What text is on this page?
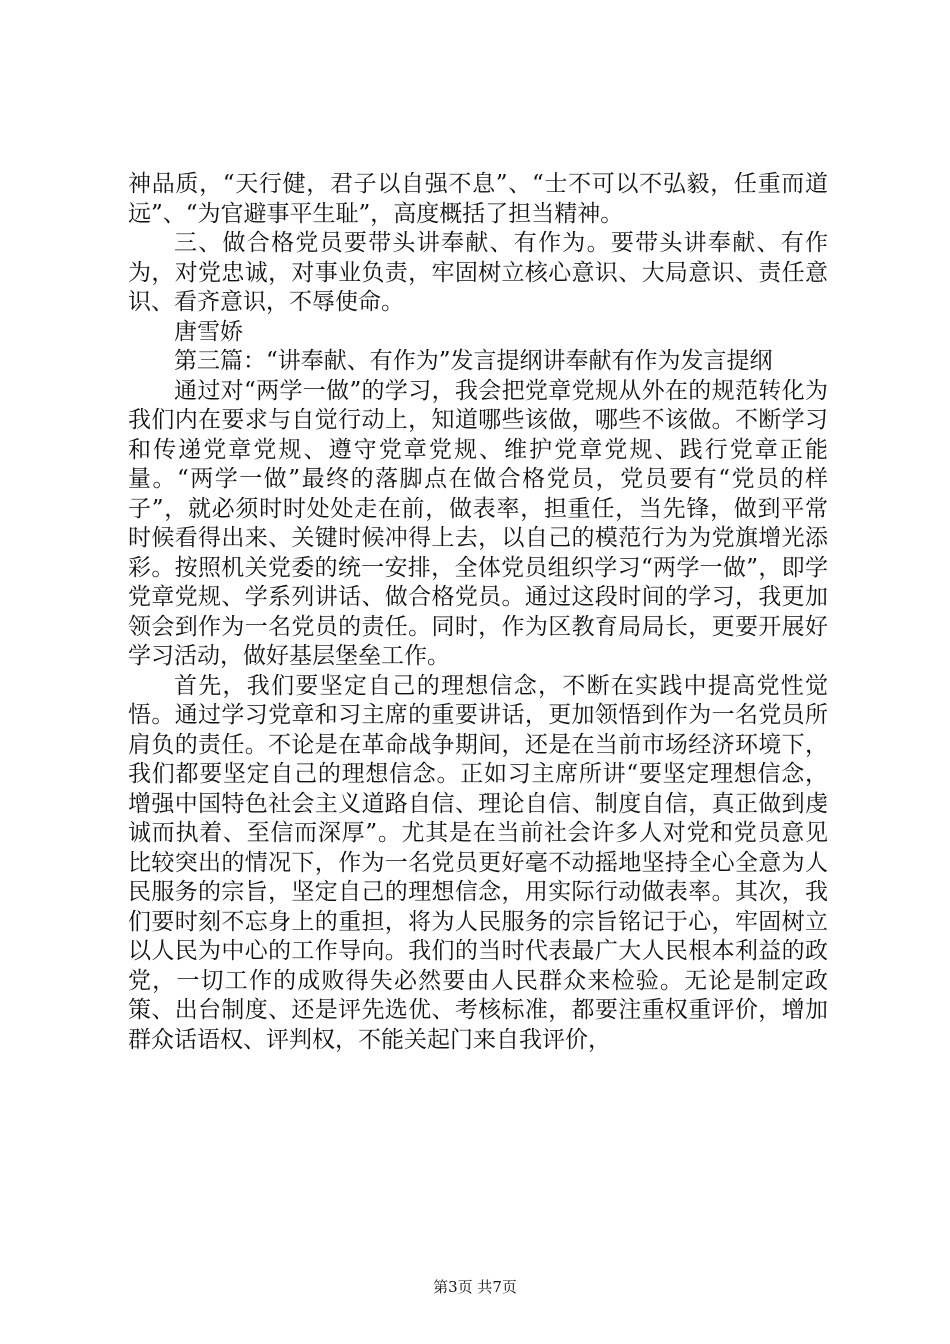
神品质，“天行健，君子以自强不息”、“士不可以不弘毅，任重而道远”、“为官避事平生耻”，高度概括了担当精神。

三、做合格党员要带头讲奉献、有作为。要带头讲奉献、有作为，对党忠诚，对事业负责，牢固树立核心意识、大局意识、责任意识、看齐意识，不辱使命。

唐雪娇

第三篇：“讲奉献、有作为”发言提纲讲奉献有作为发言提纲

通过对“两学一做”的学习，我会把党章党规从外在的规范转化为我们内在要求与自觉行动上，知道哪些该做，哪些不该做。不断学习和传递党章党规、遵守党章党规、维护党章党规、践行党章正能量。“两学一做”最终的落脚点在做合格党员，党员要有“党员的样子”，就必须时时处处走在前，做表率，担重任，当先锋，做到平常时候看得出来、关键时候冲得上去，以自己的模范行为为党旗增光添彩。按照机关党委的统一安排，全体党员组织学习“两学一做”，即学党章党规、学系列讲话、做合格党员。通过这段时间的学习，我更加领会到作为一名党员的责任。同时，作为区教育局局长，更要开展好学习活动，做好基层堡垒工作。

首先，我们要坚定自己的理想信念，不断在实践中提高党性觉悟。通过学习党章和习主席的重要讲话，更加领悟到作为一名党员所肩负的责任。不论是在革命战争期间，还是在当前市场经济环境下，我们都要坚定自己的理想信念。正如习主席所讲“要坚定理想信念，增强中国特色社会主义道路自信、理论自信、制度自信，真正做到虔诚而执着、至信而深厚”。尤其是在当前社会许多人对党和党员意见比较突出的情况下，作为一名党员更好毫不动摇地坚持全心全意为人民服务的宗旨，坚定自己的理想信念，用实际行动做表率。其次，我们要时刻不忘身上的重担，将为人民服务的宗旨铭记于心，牢固树立以人民为中心的工作导向。我们的当时代表最广大人民根本利益的政党，一切工作的成败得失必然要由人民群众来检验。无论是制定政策、出台制度、还是评先选优、考核标准，都要注重权重评价，增加群众话语权、评判权，不能关起门来自我评价，

第3页 共7页
